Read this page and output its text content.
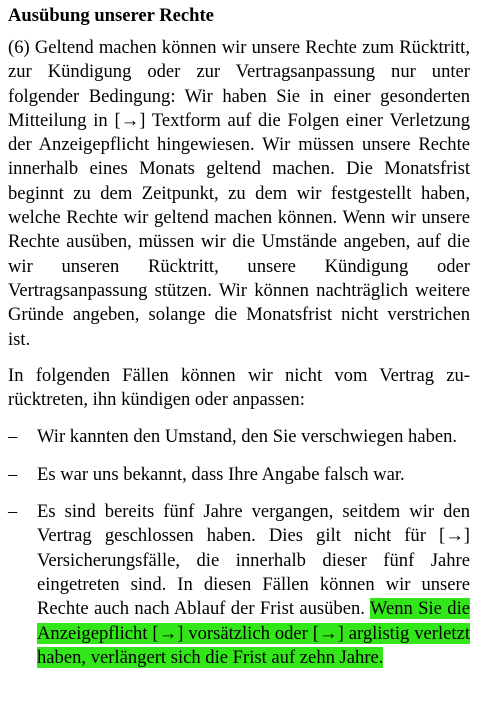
Ausübung unserer Rechte

(6) Geltend machen können wir unsere Rechte zum Rücktritt, zur Kündigung oder zur Vertragsanpassung nur unter folgender Bedingung: Wir haben Sie in einer gesonderten Mitteilung in [→] Textform auf die Folgen einer Verletzung der Anzeigepflicht hingewiesen. Wir müssen unsere Rechte innerhalb eines Monats geltend machen. Die Monatsfrist beginnt zu dem Zeitpunkt, zu dem wir festgestellt haben, welche Rechte wir geltend machen können. Wenn wir unsere Rechte ausüben, müssen wir die Umstände angeben, auf die wir unseren Rücktritt, unsere Kündigung oder Vertragsanpassung stützen. Wir können nachträglich weitere Gründe angeben, solange die Monatsfrist nicht verstrichen ist.

In folgenden Fällen können wir nicht vom Vertrag zurücktreten, ihn kündigen oder anpassen:

–	Wir kannten den Umstand, den Sie verschwiegen haben.
–	Es war uns bekannt, dass Ihre Angabe falsch war.
–	Es sind bereits fünf Jahre vergangen, seitdem wir den Vertrag geschlossen haben. Dies gilt nicht für [→] Versicherungsfälle, die innerhalb dieser fünf Jahre eingetreten sind. In diesen Fällen können wir unsere Rechte auch nach Ablauf der Frist ausüben. Wenn Sie die Anzeigepflicht [→] vorsätzlich oder [→] arglistig verletzt haben, verlängert sich die Frist auf zehn Jahre.
